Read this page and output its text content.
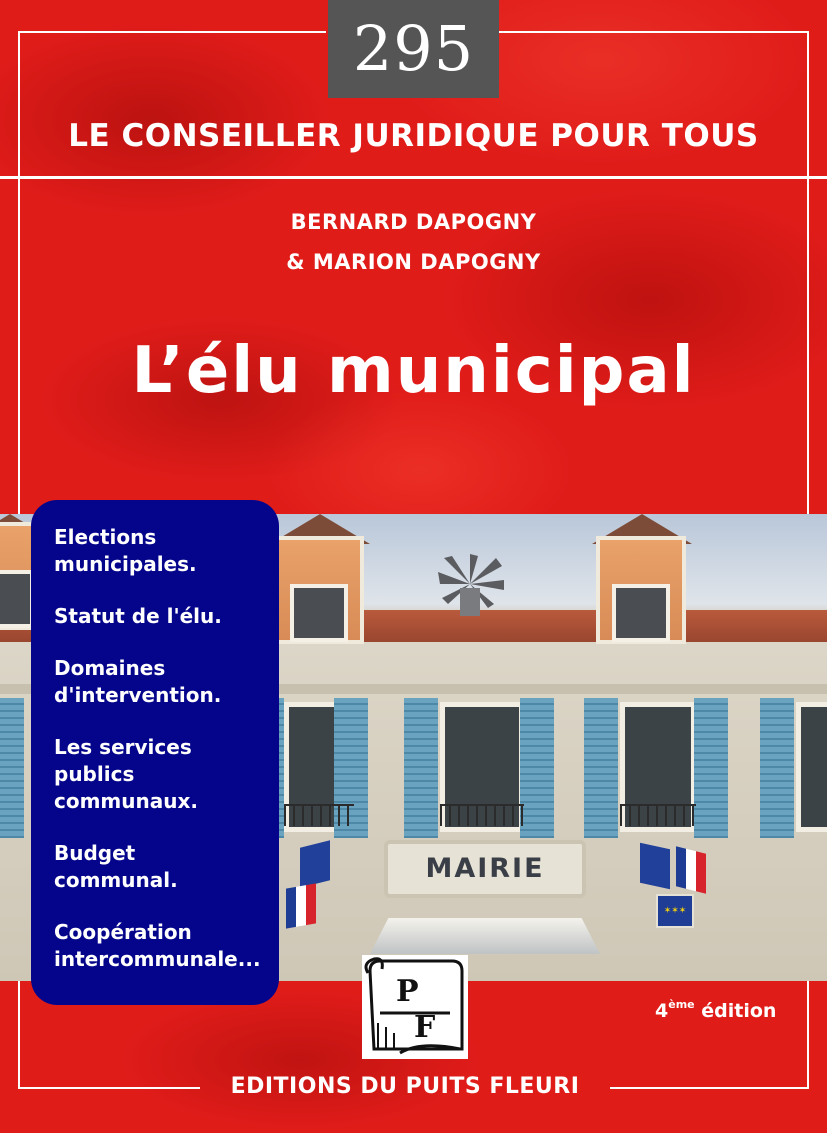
295
LE CONSEILLER JURIDIQUE POUR TOUS
BERNARD DAPOGNY
& MARION DAPOGNY
L’élu municipal
MAIRIE
✶✶✶
Elections
municipales.
Statut de l'élu.
Domaines
d'intervention.
Les services
publics
communaux.
Budget communal.
Coopération
intercommunale...
P
F	4ème édition
EDITIONS DU PUITS FLEURI
